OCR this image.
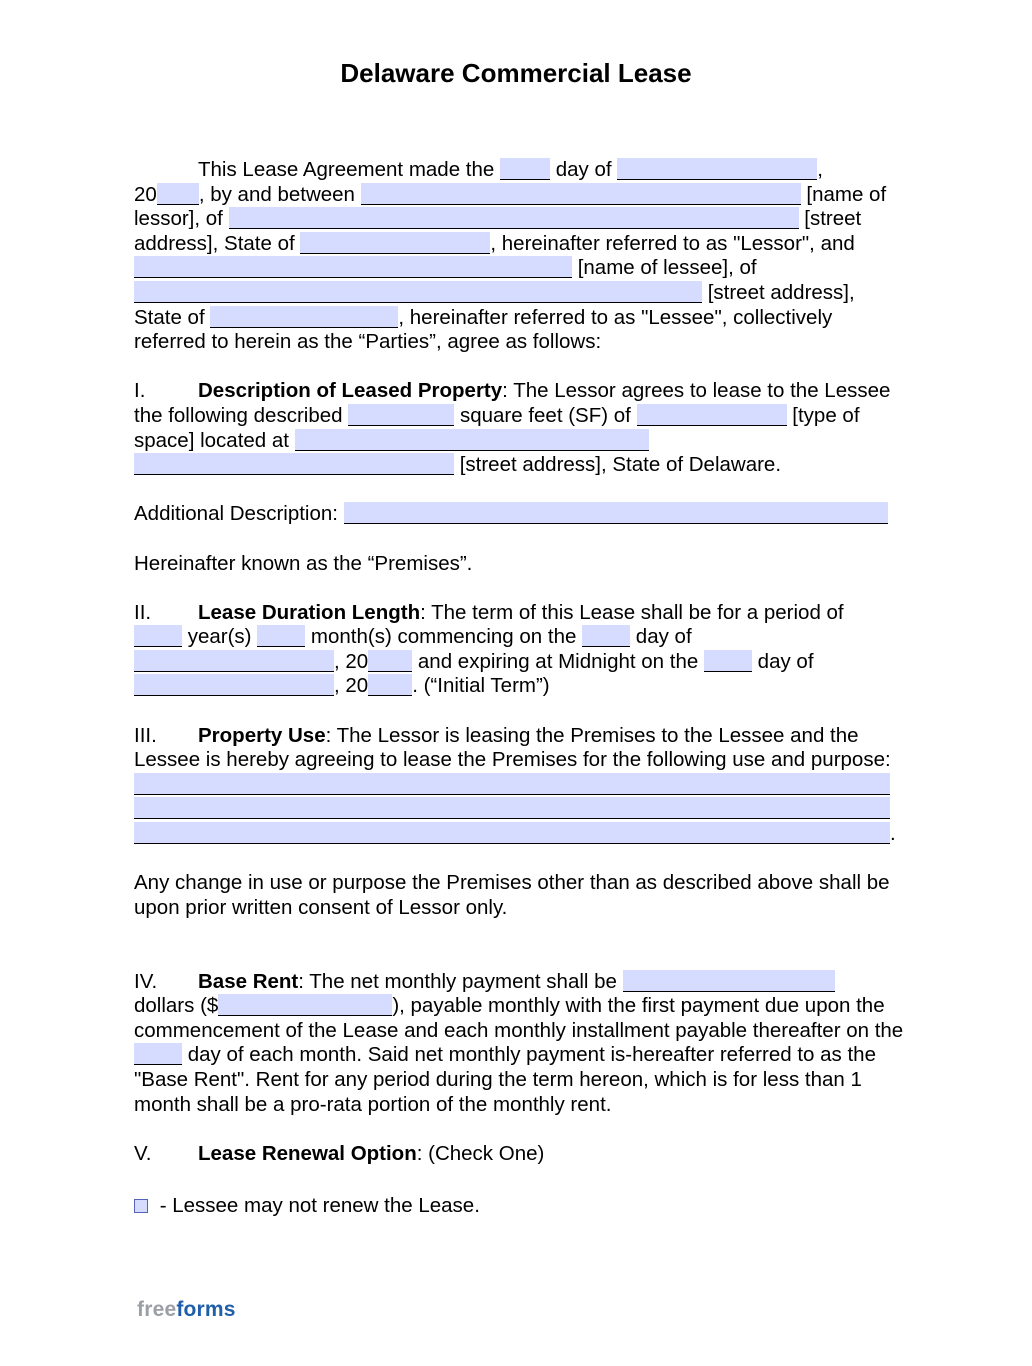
Delaware Commercial Lease

This Lease Agreement made the	day of	,
20 , by and between	[name of lessor], of	[street address], State of	, hereinafter referred to as "Lessor", and
[name of lessee], of
[street address],
State of	, hereinafter referred to as "Lessee", collectively referred to herein as the “Parties”, agree as follows:

I.	Description of Leased Property: The Lessor agrees to lease to the Lessee the following described	square feet (SF) of	[type of space] located at
[street address], State of Delaware.

Additional Description:

Hereinafter known as the “Premises”.

II. Lease Duration Length: The term of this Lease shall be for a period of
year(s)	month(s) commencing on the	day of
, 20 and expiring at Midnight on the	day of
, 20 . (“Initial Term”)

III. Property Use: The Lessor is leasing the Premises to the Lessee and the Lessee is hereby agreeing to lease the Premises for the following use and purpose:

.

Any change in use or purpose the Premises other than as described above shall be upon prior written consent of Lessor only.

IV. Base Rent: The net monthly payment shall be
dollars ($	), payable monthly with the first payment due upon the commencement of the Lease and each monthly installment payable thereafter on the  day of each month. Said net monthly payment is-hereafter referred to as the "Base Rent". Rent for any period during the term hereon, which is for less than 1 month shall be a pro-rata portion of the monthly rent.

V. Lease Renewal Option: (Check One)

- Lessee may not renew the Lease.

freeforms
